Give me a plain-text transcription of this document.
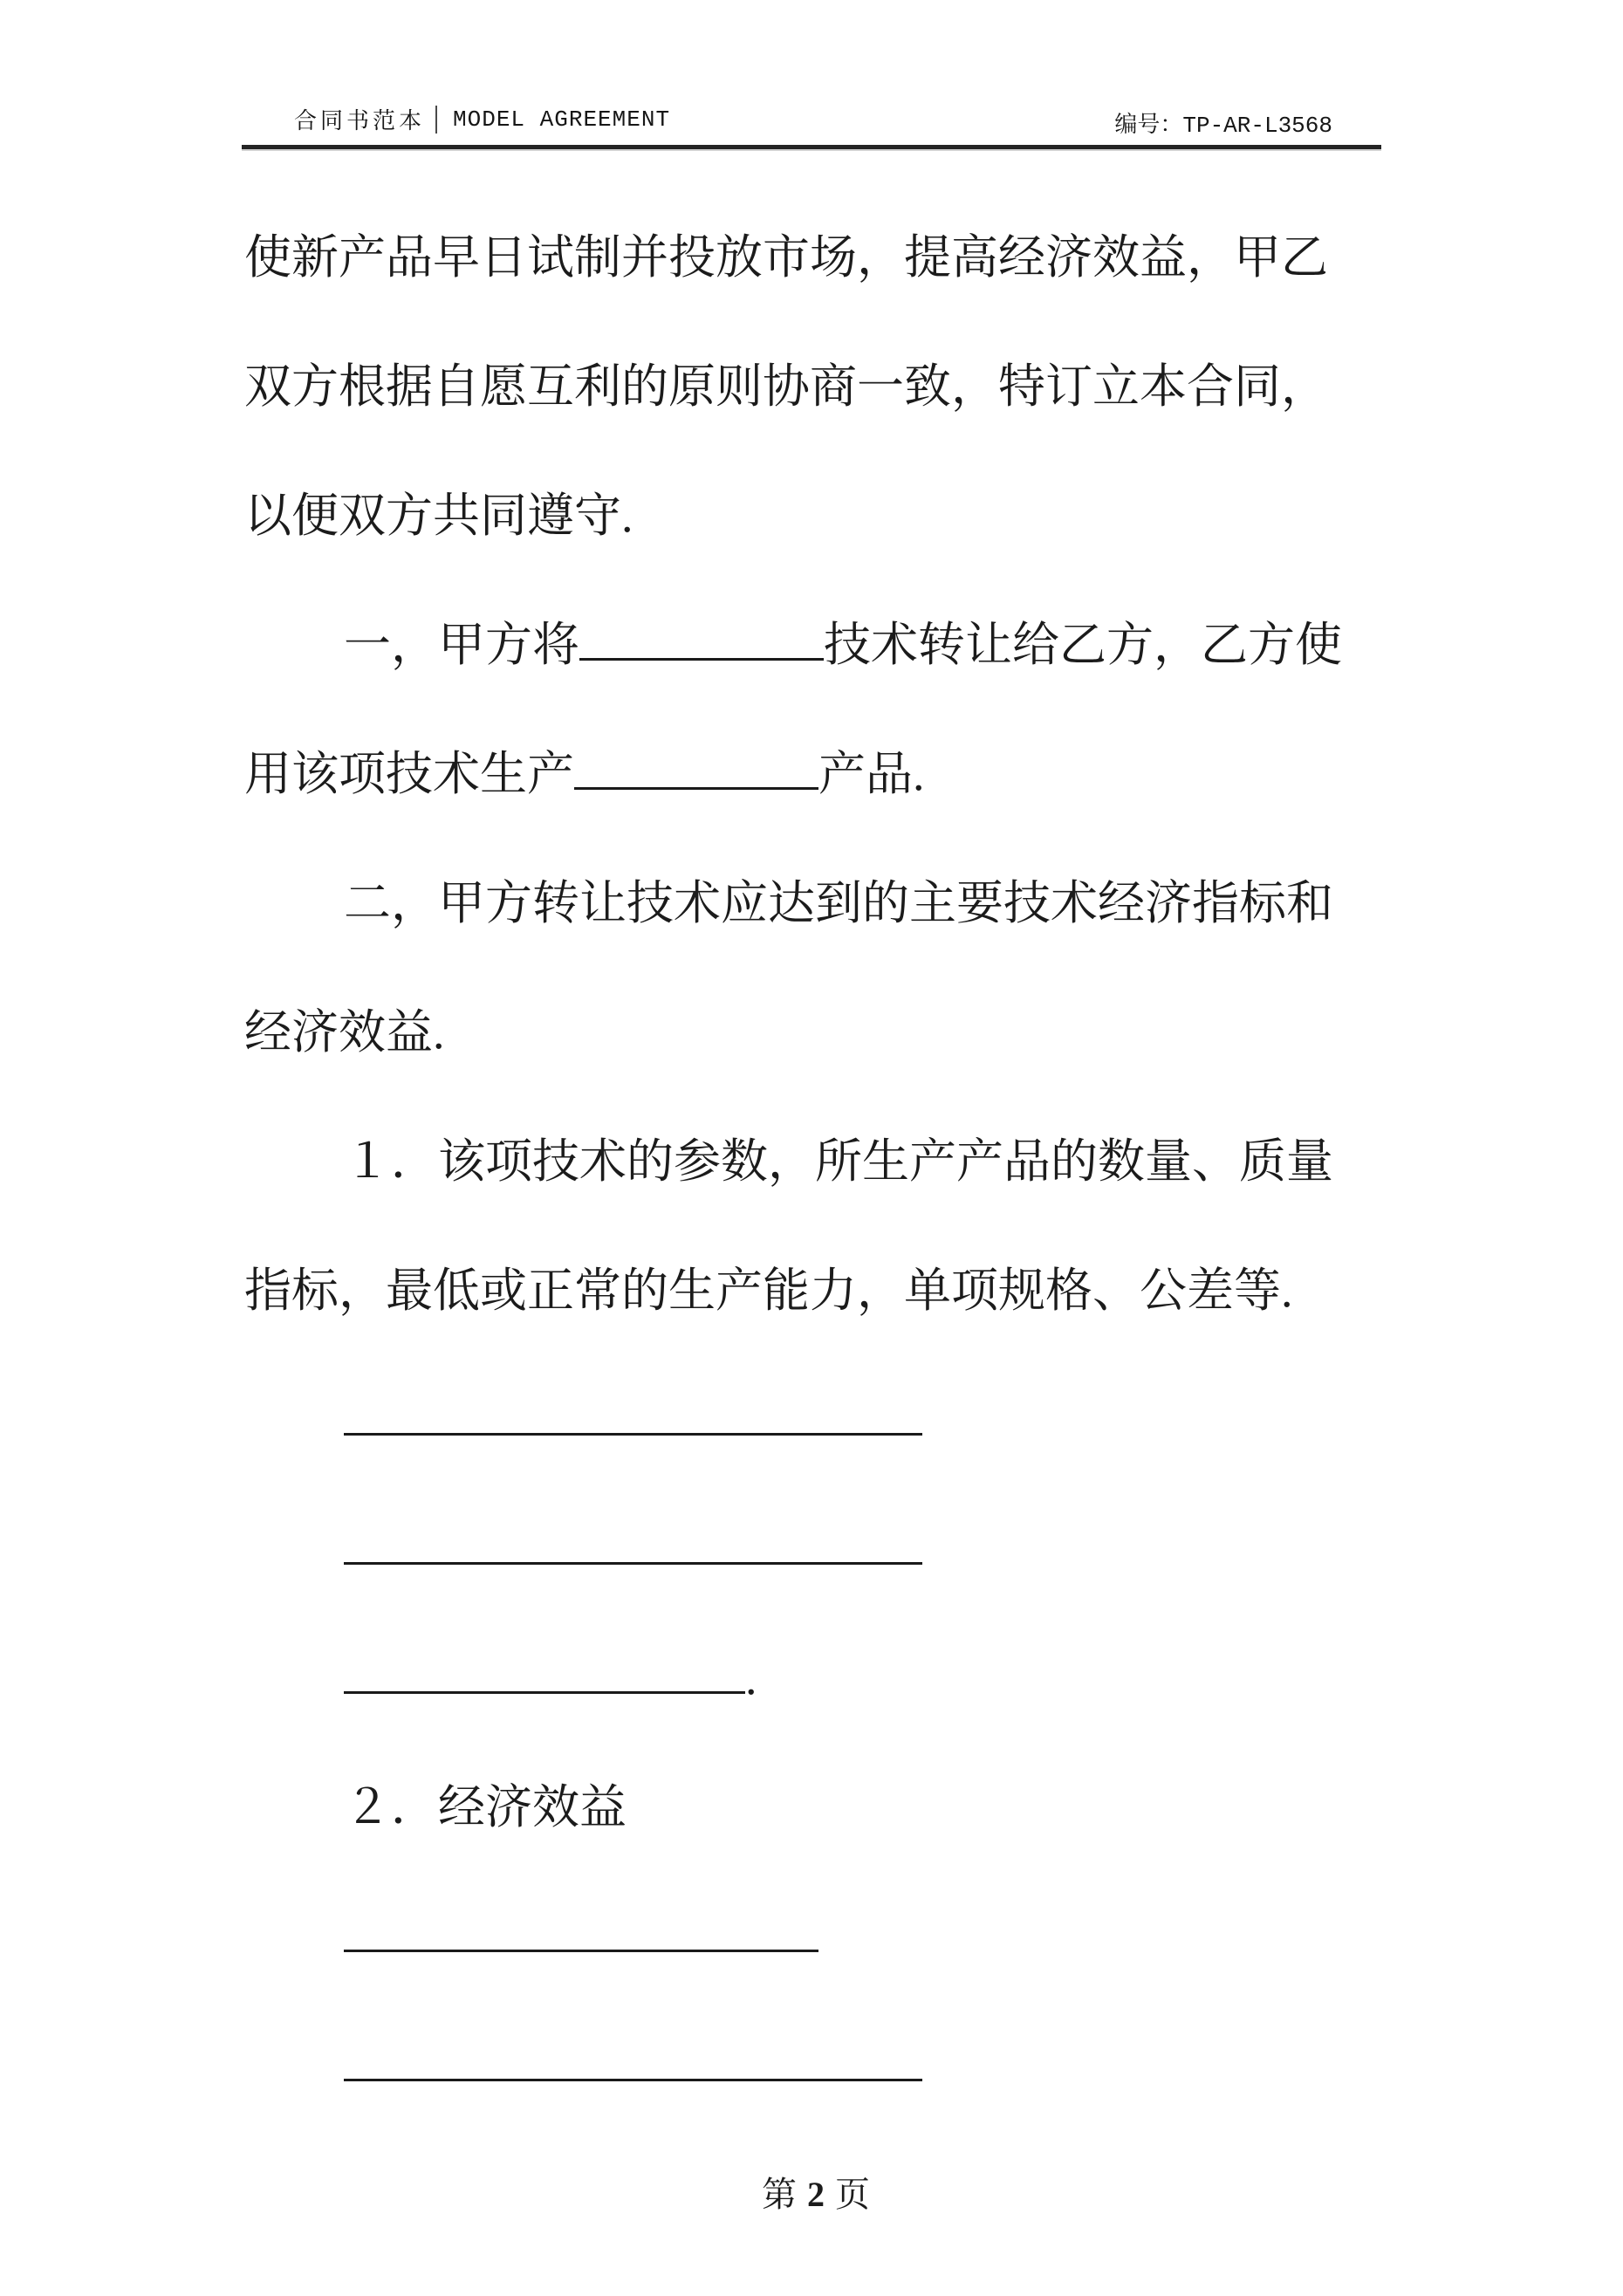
合同书范本 MODEL AGREEMENT	编号：TP-AR-L3568
使新产品早日试制并投放市场，提高经济效益，甲乙
双方根据自愿互利的原则协商一致，特订立本合同，
以便双方共同遵守.
一，甲方将	技术转让给乙方，乙方使
用该项技术生产	产品.
二，甲方转让技术应达到的主要技术经济指标和
经济效益.
１．该项技术的参数，所生产产品的数量、质量
指标，最低或正常的生产能力，单项规格、公差等.
.
２．经济效益
第 2 页
